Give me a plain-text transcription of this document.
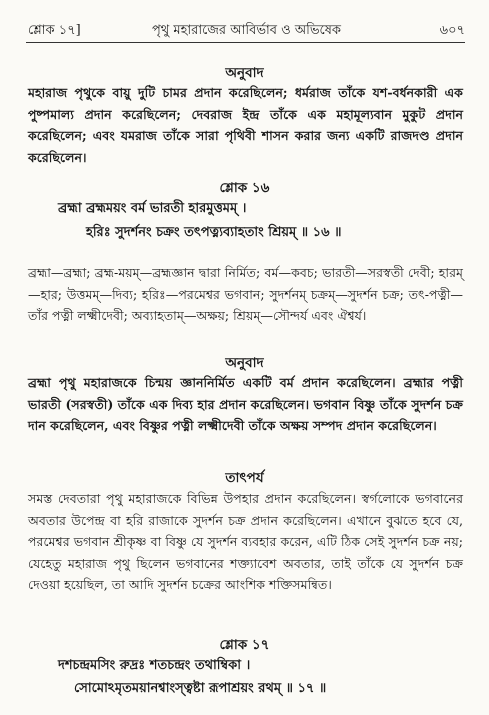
শ্লোক ১৭]	পৃথু মহারাজের আবির্ভাব ও অভিষেক	৬০৭
অনুবাদ
মহারাজ পৃথুকে বায়ু দুটি চামর প্রদান করেছিলেন; ধর্মরাজ তাঁকে যশ-বর্ধনকারী এক পুষ্পমাল্য প্রদান করেছিলেন; দেবরাজ ইন্দ্র তাঁকে এক মহামূল্যবান মুকুট প্রদান করেছিলেন; এবং যমরাজ তাঁকে সারা পৃথিবী শাসন করার জন্য একটি রাজদণ্ড প্রদান করেছিলেন।
শ্লোক ১৬
ব্রহ্মা ব্রহ্মময়ং বর্ম ভারতী হারমুত্তমম্ ।
হরিঃ সুদর্শনং চক্রং তৎপত্ন্যব্যাহতাং শ্রিয়ম্ ॥ ১৬ ॥
ব্রহ্মা—ব্রহ্মা; ব্রহ্ম-ময়ম্—ব্রহ্মজ্ঞান দ্বারা নির্মিত; বর্ম—কবচ; ভারতী—সরস্বতী দেবী; হারম্—হার; উত্তমম্—দিব্য; হরিঃ—পরমেশ্বর ভগবান; সুদর্শনম্ চক্রম্—সুদর্শন চক্র; তৎ-পত্নী—তাঁর পত্নী লক্ষ্মীদেবী; অব্যাহতাম্—অক্ষয়; শ্রিয়ম্—সৌন্দর্য এবং ঐশ্বর্য।
অনুবাদ
ব্রহ্মা পৃথু মহারাজকে চিন্ময় জ্ঞাননির্মিত একটি বর্ম প্রদান করেছিলেন। ব্রহ্মার পত্নী ভারতী (সরস্বতী) তাঁকে এক দিব্য হার প্রদান করেছিলেন। ভগবান বিষ্ণু তাঁকে সুদর্শন চক্র দান করেছিলেন, এবং বিষ্ণুর পত্নী লক্ষ্মীদেবী তাঁকে অক্ষয় সম্পদ প্রদান করেছিলেন।
তাৎপর্য
সমস্ত দেবতারা পৃথু মহারাজকে বিভিন্ন উপহার প্রদান করেছিলেন। স্বর্গলোকে ভগবানের অবতার উপেন্দ্র বা হরি রাজাকে সুদর্শন চক্র প্রদান করেছিলেন। এখানে বুঝতে হবে যে, পরমেশ্বর ভগবান শ্রীকৃষ্ণ বা বিষ্ণু যে সুদর্শন ব্যবহার করেন, এটি ঠিক সেই সুদর্শন চক্র নয়; যেহেতু মহারাজ পৃথু ছিলেন ভগবানের শক্ত্যাবেশ অবতার, তাই তাঁকে যে সুদর্শন চক্র দেওয়া হয়েছিল, তা আদি সুদর্শন চক্রের আংশিক শক্তিসমন্বিত।
শ্লোক ১৭
দশচন্দ্রমসিং রুদ্রঃ শতচন্দ্রং তথাম্বিকা ।
সোমোঽমৃতময়ানশ্বাংস্ত্বষ্টা রূপাশ্রয়ং রথম্ ॥ ১৭ ॥
